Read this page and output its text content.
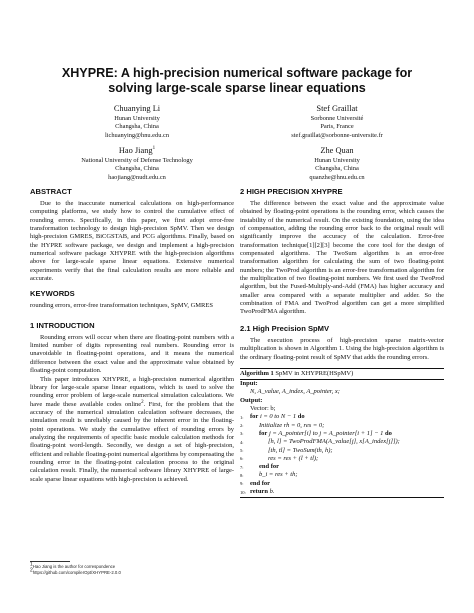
XHYPRE: A high-precision numerical software package for
solving large-scale sparse linear equations
Chuanying Li
Hunan University
Changsha, China
lichuanying@hnu.edu.cn
Stef Graillat
Sorbonne Université
Paris, France
stef.graillat@sorbonne-universite.fr
Hao Jiang$^1$
National University of Defense Technology
Changsha, China
haojiang@nudt.edu.cn
Zhe Quan
Hunan University
Changsha, China
quanzhe@hnu.edu.cn
ABSTRACT

Due to the inaccurate numerical calculations on high-performance computing platforms, we study how to control the cumulative effect of rounding errors. Specifically, in this paper, we first adopt error-free transformation technology to design high-precision SpMV. Then we design high-precision GMRES, BiCGSTAB, and PCG algorithms. Finally, based on the HYPRE software package, we design and implement a high-precision numerical software package XHYPRE with the high-precision algorithms above for large-scale sparse linear equations. Extensive numerical experiments verify that the final calculation results are more reliable and accurate.

KEYWORDS

rounding errors, error-free transformation techniques, SpMV, GMRES

1 INTRODUCTION

Rounding errors will occur when there are floating-point numbers with a limited number of digits representing real numbers. Rounding error is unavoidable in floating-point operations, and it means the numerical difference between the exact value and the approximate value obtained by floating-point computation.

This paper introduces XHYPRE, a high-precision numerical algorithm library for large-scale sparse linear equations, which is used to solve the rounding error problem of large-scale numerical simulation calculations. We have made these available codes online$^2$. First, for the problem that the accuracy of the numerical simulation calculation software decreases, the simulation result is unreliably caused by the inherent error in the floating-point operations. We study the cumulative effect of rounding errors by analyzing the requirements of specific basic module calculation methods for floating-point word-length. Secondly, we design a set of high-precision, efficient and reliable floating-point numerical algorithms by compensating the rounding error in the floating-point calculation process to the original calculation result. Finally, the numerical software library XHYPRE of large-scale sparse linear equations with high-precision is achieved.

2 HIGH PRECISION XHYPRE

The difference between the exact value and the approximate value obtained by floating-point operations is the rounding error, which causes the instability of the numerical result. On the existing foundation, using the idea of compensation, adding the rounding error back to the original result will significantly improve the accuracy of the calculation. Error-free transformation technique[1][2][3] become the core tool for the design of compensated algorithms. The TwoSum algorithm is an error-free transformation algorithm for calculating the sum of two floating-point numbers; the TwoProd algorithm is an error-free transformation algorithm for the multiplication of two floating-point numbers. We first used the TwoProd algorithm, but the Fused-Multiply-and-Add (FMA) has higher accuracy and smaller area compared with a separate multiplier and adder. So the combination of FMA and TwoProd algorithm can get a more simplified TwoProdFMA algorithm.

2.1 High Precision SpMV

The execution process of high-precision sparse matrix-vector multiplication is shown in Algorithm 1. Using the high-precision algorithm is the ordinary floating-point result of SpMV that adds the rounding errors.

Algorithm 1 SpMV in XHYPRE(HSpMV)
Input:
N, A_value, A_index, A_pointer, x;
Output:
Vector: b;
1: for i = 0 to N − 1 do
2:	Initialize rh = 0, res = 0;
3:	for j = A_pointer[i] to j = A_pointer[i + 1] − 1 do
4:	[h, l] = TwoProdFMA(A_value[j], x[A_index[j]]);
5:	[th, tl] = TwoSum(th, h);
6:	res = res + (l + tl);
7:	end for
8:	b_i = res + th;
9: end for
10: return b.
$^1$Hao Jiang is the author for correspondence
$^2$https://github.com/compilerOpt/XHYPRE-2.0.0
